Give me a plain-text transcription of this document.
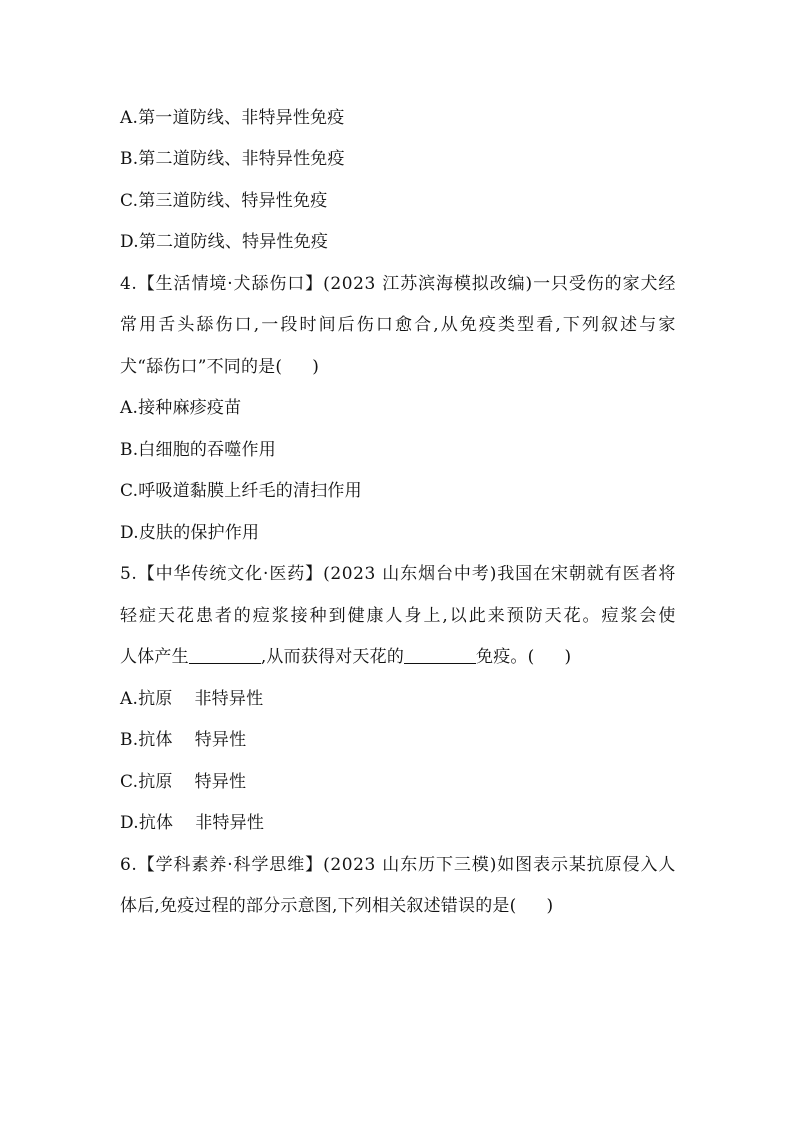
A.第一道防线、非特异性免疫
B.第二道防线、非特异性免疫
C.第三道防线、特异性免疫
D.第二道防线、特异性免疫
4.【生活情境·犬舔伤口】(2023 江苏滨海模拟改编)一只受伤的家犬经
常用舌头舔伤口,一段时间后伤口愈合,从免疫类型看,下列叙述与家
犬“舔伤口”不同的是( )
A.接种麻疹疫苗
B.白细胞的吞噬作用
C.呼吸道黏膜上纤毛的清扫作用
D.皮肤的保护作用
5.【中华传统文化·医药】(2023 山东烟台中考)我国在宋朝就有医者将
轻症天花患者的痘浆接种到健康人身上,以此来预防天花。痘浆会使
人体产生	,从而获得对天花的	免疫。( )
A.抗原 非特异性
B.抗体 特异性
C.抗原 特异性
D.抗体 非特异性
6.【学科素养·科学思维】(2023 山东历下三模)如图表示某抗原侵入人
体后,免疫过程的部分示意图,下列相关叙述错误的是( )
